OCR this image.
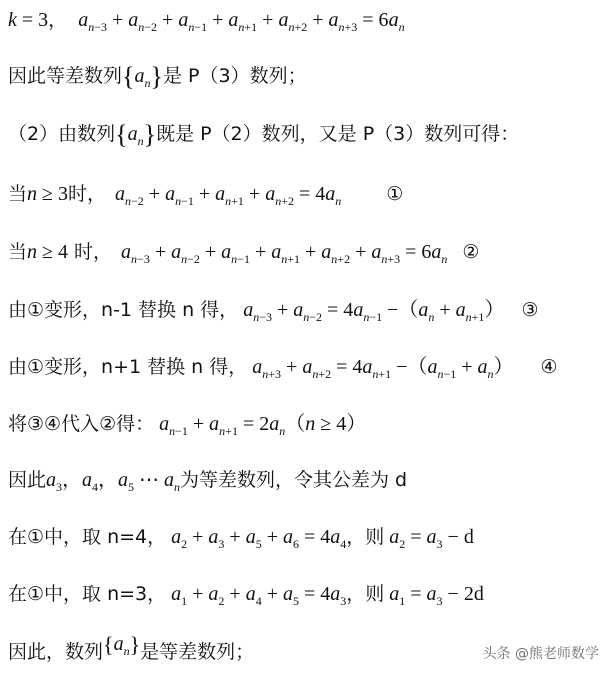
k = 3， $a_{n-3} + a_{n-2} + a_{n-1} + a_{n+1} + a_{n+2} + a_{n+3} = 6a_n$
因此等差数列$\{a_n\}$是 P（3）数列；
（2）由数列$\{a_n\}$既是 P（2）数列，又是 P（3）数列可得：
当n ≥ 3时， $a_{n-2} + a_{n-1} + a_{n+1} + a_{n+2} = 4a_n$ ①
当n ≥ 4 时， $a_{n-3} + a_{n-2} + a_{n-1} + a_{n+1} + a_{n+2} + a_{n+3} = 6a_n$ ②
由①变形，n-1 替换 n 得， $a_{n-3} + a_{n-2} = 4a_{n-1} -(a_n + a_{n+1})$ ③
由①变形，n+1 替换 n 得， $a_{n+3} + a_{n+2} = 4a_{n+1} -(a_{n-1} + a_n)$ ④
将③④代入②得： $a_{n-1} + a_{n+1} = 2a_n(n \ge 4)$
因此$a_3$，$a_4$，$a_5$ ⋯ $a_n$为等差数列，令其公差为 d
在①中，取 n=4， $a_2 + a_3 + a_5 + a_6 = 4a_4$，则 $a_2 = a_3 - d$
在①中，取 n=3， $a_1 + a_2 + a_4 + a_5 = 4a_3$，则 $a_1 = a_3 - 2d$
因此，数列$\{a_n\}$是等差数列；	头条 @熊老师数学
